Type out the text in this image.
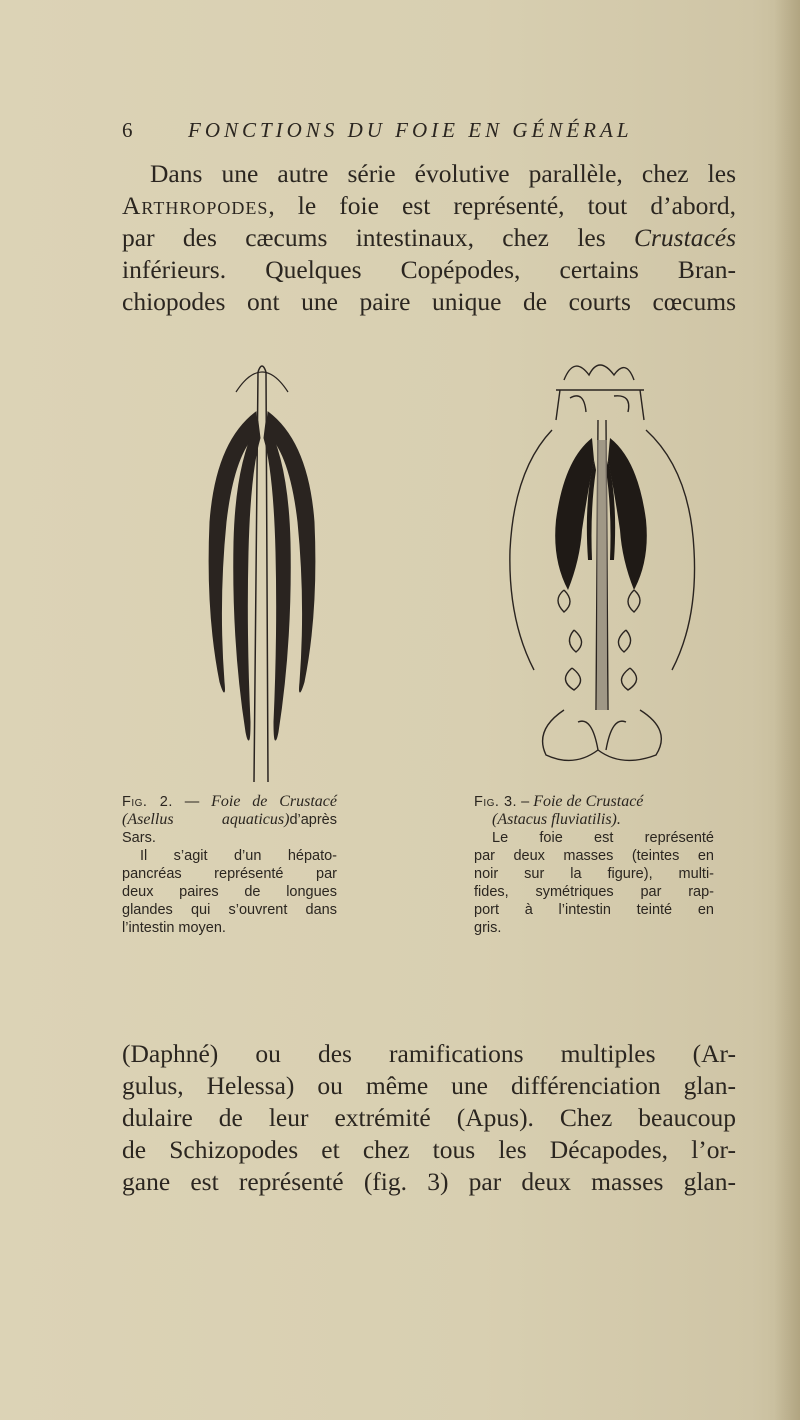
6	FONCTIONS DU FOIE EN GÉNÉRAL
Dans une autre série évolutive parallèle, chez les
Arthropodes, le foie est représenté, tout d’abord,
par des cæcums intestinaux, chez les Crustacés
inférieurs. Quelques Copépodes, certains Bran-
chiopodes ont une paire unique de courts cœcums
Fig. 2. — Foie de Crustacé
(Asellus aquaticus)d’après
Sars.
Il s’agit d’un hépato-
pancréas représenté par
deux paires de longues
glandes qui s’ouvrent dans
l’intestin moyen.
Fig. 3. – Foie de Crustacé
(Astacus fluviatilis).
Le foie est représenté
par deux masses (teintes en
noir sur la figure), multi-
fides, symétriques par rap-
port à l’intestin teinté en
gris.
(Daphné) ou des ramifications multiples (Ar-
gulus, Helessa) ou même une différenciation glan-
dulaire de leur extrémité (Apus). Chez beaucoup
de Schizopodes et chez tous les Décapodes, l’or-
gane est représenté (fig. 3) par deux masses glan-
